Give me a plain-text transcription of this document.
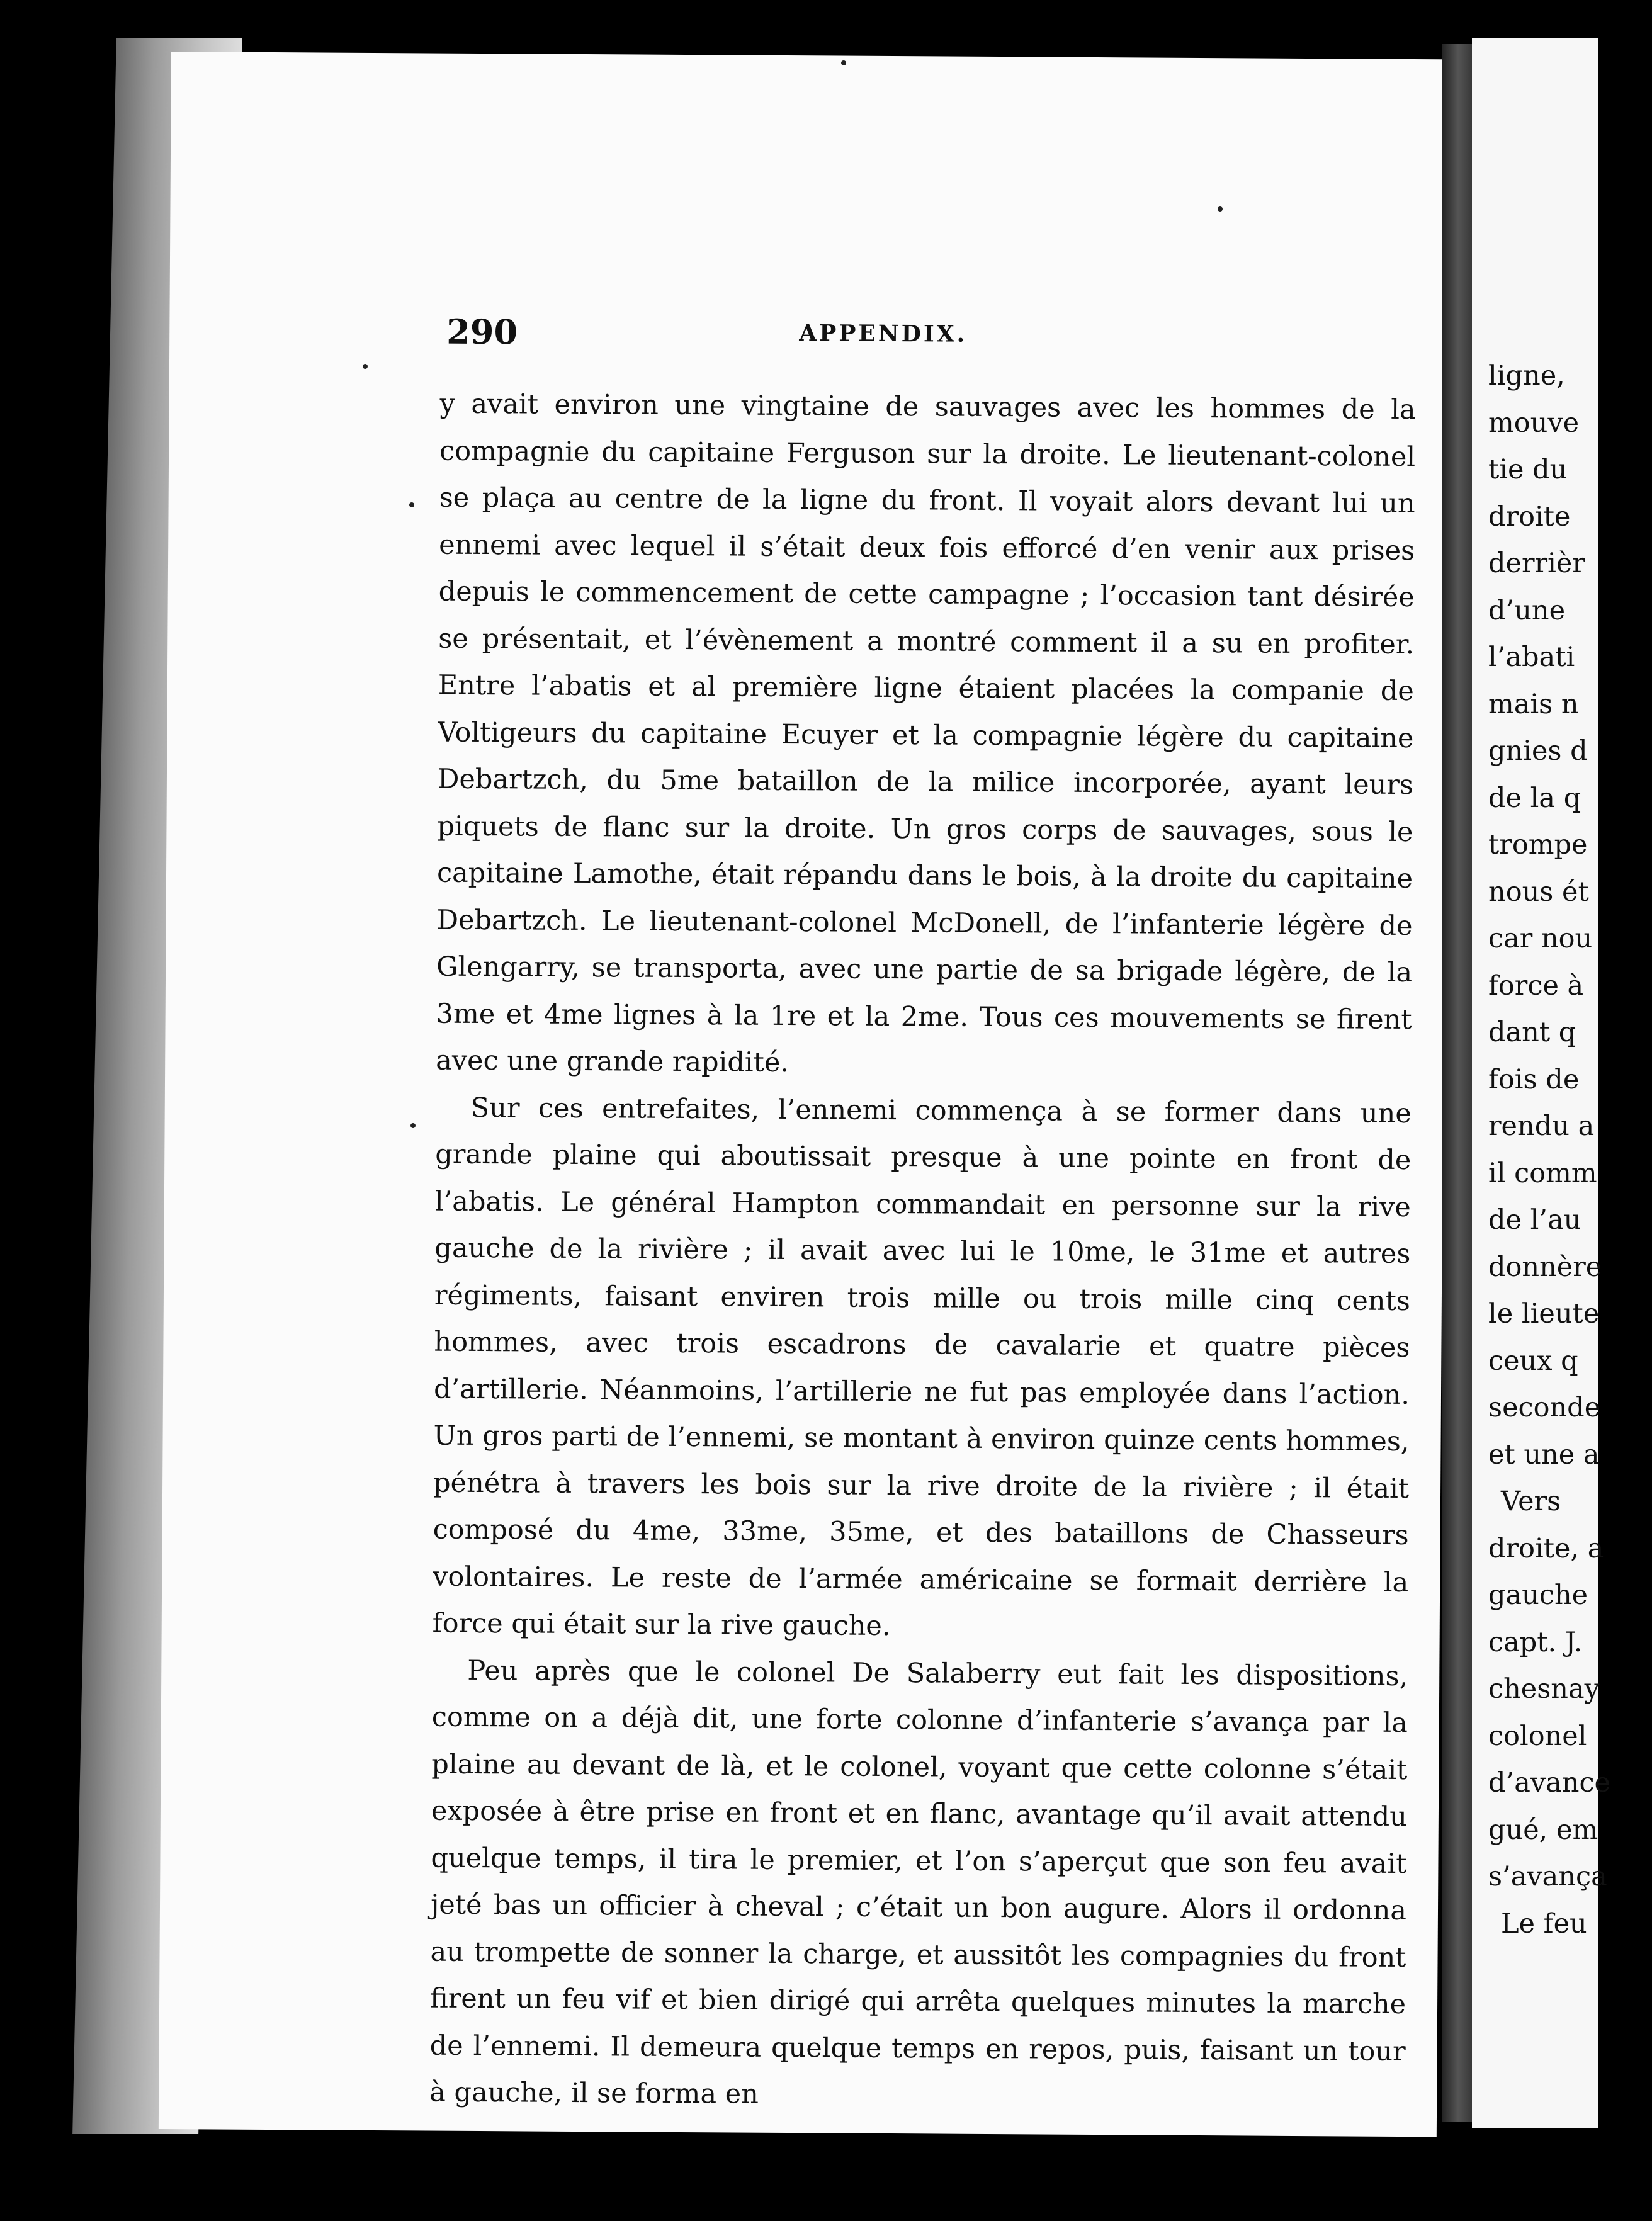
290	APPENDIX.

y avait environ une vingtaine de sauvages avec les hommes de la compagnie du capitaine Ferguson sur la droite. Le lieutenant-colonel se plaça au centre de la ligne du front. Il voyait alors devant lui un ennemi avec lequel il s’était deux fois efforcé d’en venir aux prises depuis le commencement de cette campagne ; l’occasion tant désirée se présentait, et l’évènement a montré comment il a su en profiter. Entre l’abatis et al première ligne étaient placées la companie de Voltigeurs du capitaine Ecuyer et la compagnie légère du capitaine Debartzch, du 5me bataillon de la milice incorporée, ayant leurs piquets de flanc sur la droite. Un gros corps de sauvages, sous le capitaine Lamothe, était répandu dans le bois, à la droite du capitaine Debartzch. Le lieutenant-colonel McDonell, de l’infanterie légère de Glengarry, se transporta, avec une partie de sa brigade légère, de la 3me et 4me lignes à la 1re et la 2me. Tous ces mouvements se firent avec une grande rapidité.

Sur ces entrefaites, l’ennemi commença à se former dans une grande plaine qui aboutissait presque à une pointe en front de l’abatis. Le général Hampton commandait en personne sur la rive gauche de la rivière ; il avait avec lui le 10me, le 31me et autres régiments, faisant enviren trois mille ou trois mille cinq cents hommes, avec trois escadrons de cavalarie et quatre pièces d’artillerie. Néanmoins, l’artillerie ne fut pas employée dans l’action. Un gros parti de l’ennemi, se montant à environ quinze cents hommes, pénétra à travers les bois sur la rive droite de la rivière ; il était composé du 4me, 33me, 35me, et des bataillons de Chasseurs volontaires. Le reste de l’armée américaine se formait derrière la force qui était sur la rive gauche.

Peu après que le colonel De Salaberry eut fait les dispositions, comme on a déjà dit, une forte colonne d’infanterie s’avança par la plaine au devant de là, et le colonel, voyant que cette colonne s’était exposée à être prise en front et en flanc, avantage qu’il avait attendu quelque temps, il tira le premier, et l’on s’aperçut que son feu avait jeté bas un officier à cheval ; c’était un bon augure. Alors il ordonna au trompette de sonner la charge, et aussitôt les compagnies du front firent un feu vif et bien dirigé qui arrêta quelques minutes la marche de l’ennemi. Il demeura quelque temps en repos, puis, faisant un tour à gauche, il se forma en

ligne,
mouve
tie du
droite
derrièr
d’une
l’abati
mais n
gnies d
de la q
trompe
nous ét
car nou
force à
dant q
fois de
rendu a
il comm
de l’au
donnère
le lieute
ceux q
seconde
et une a
Vers
droite, a
gauche
capt. J.
chesnay
colonel
d’avance
gué, em
s’avança
Le feu
